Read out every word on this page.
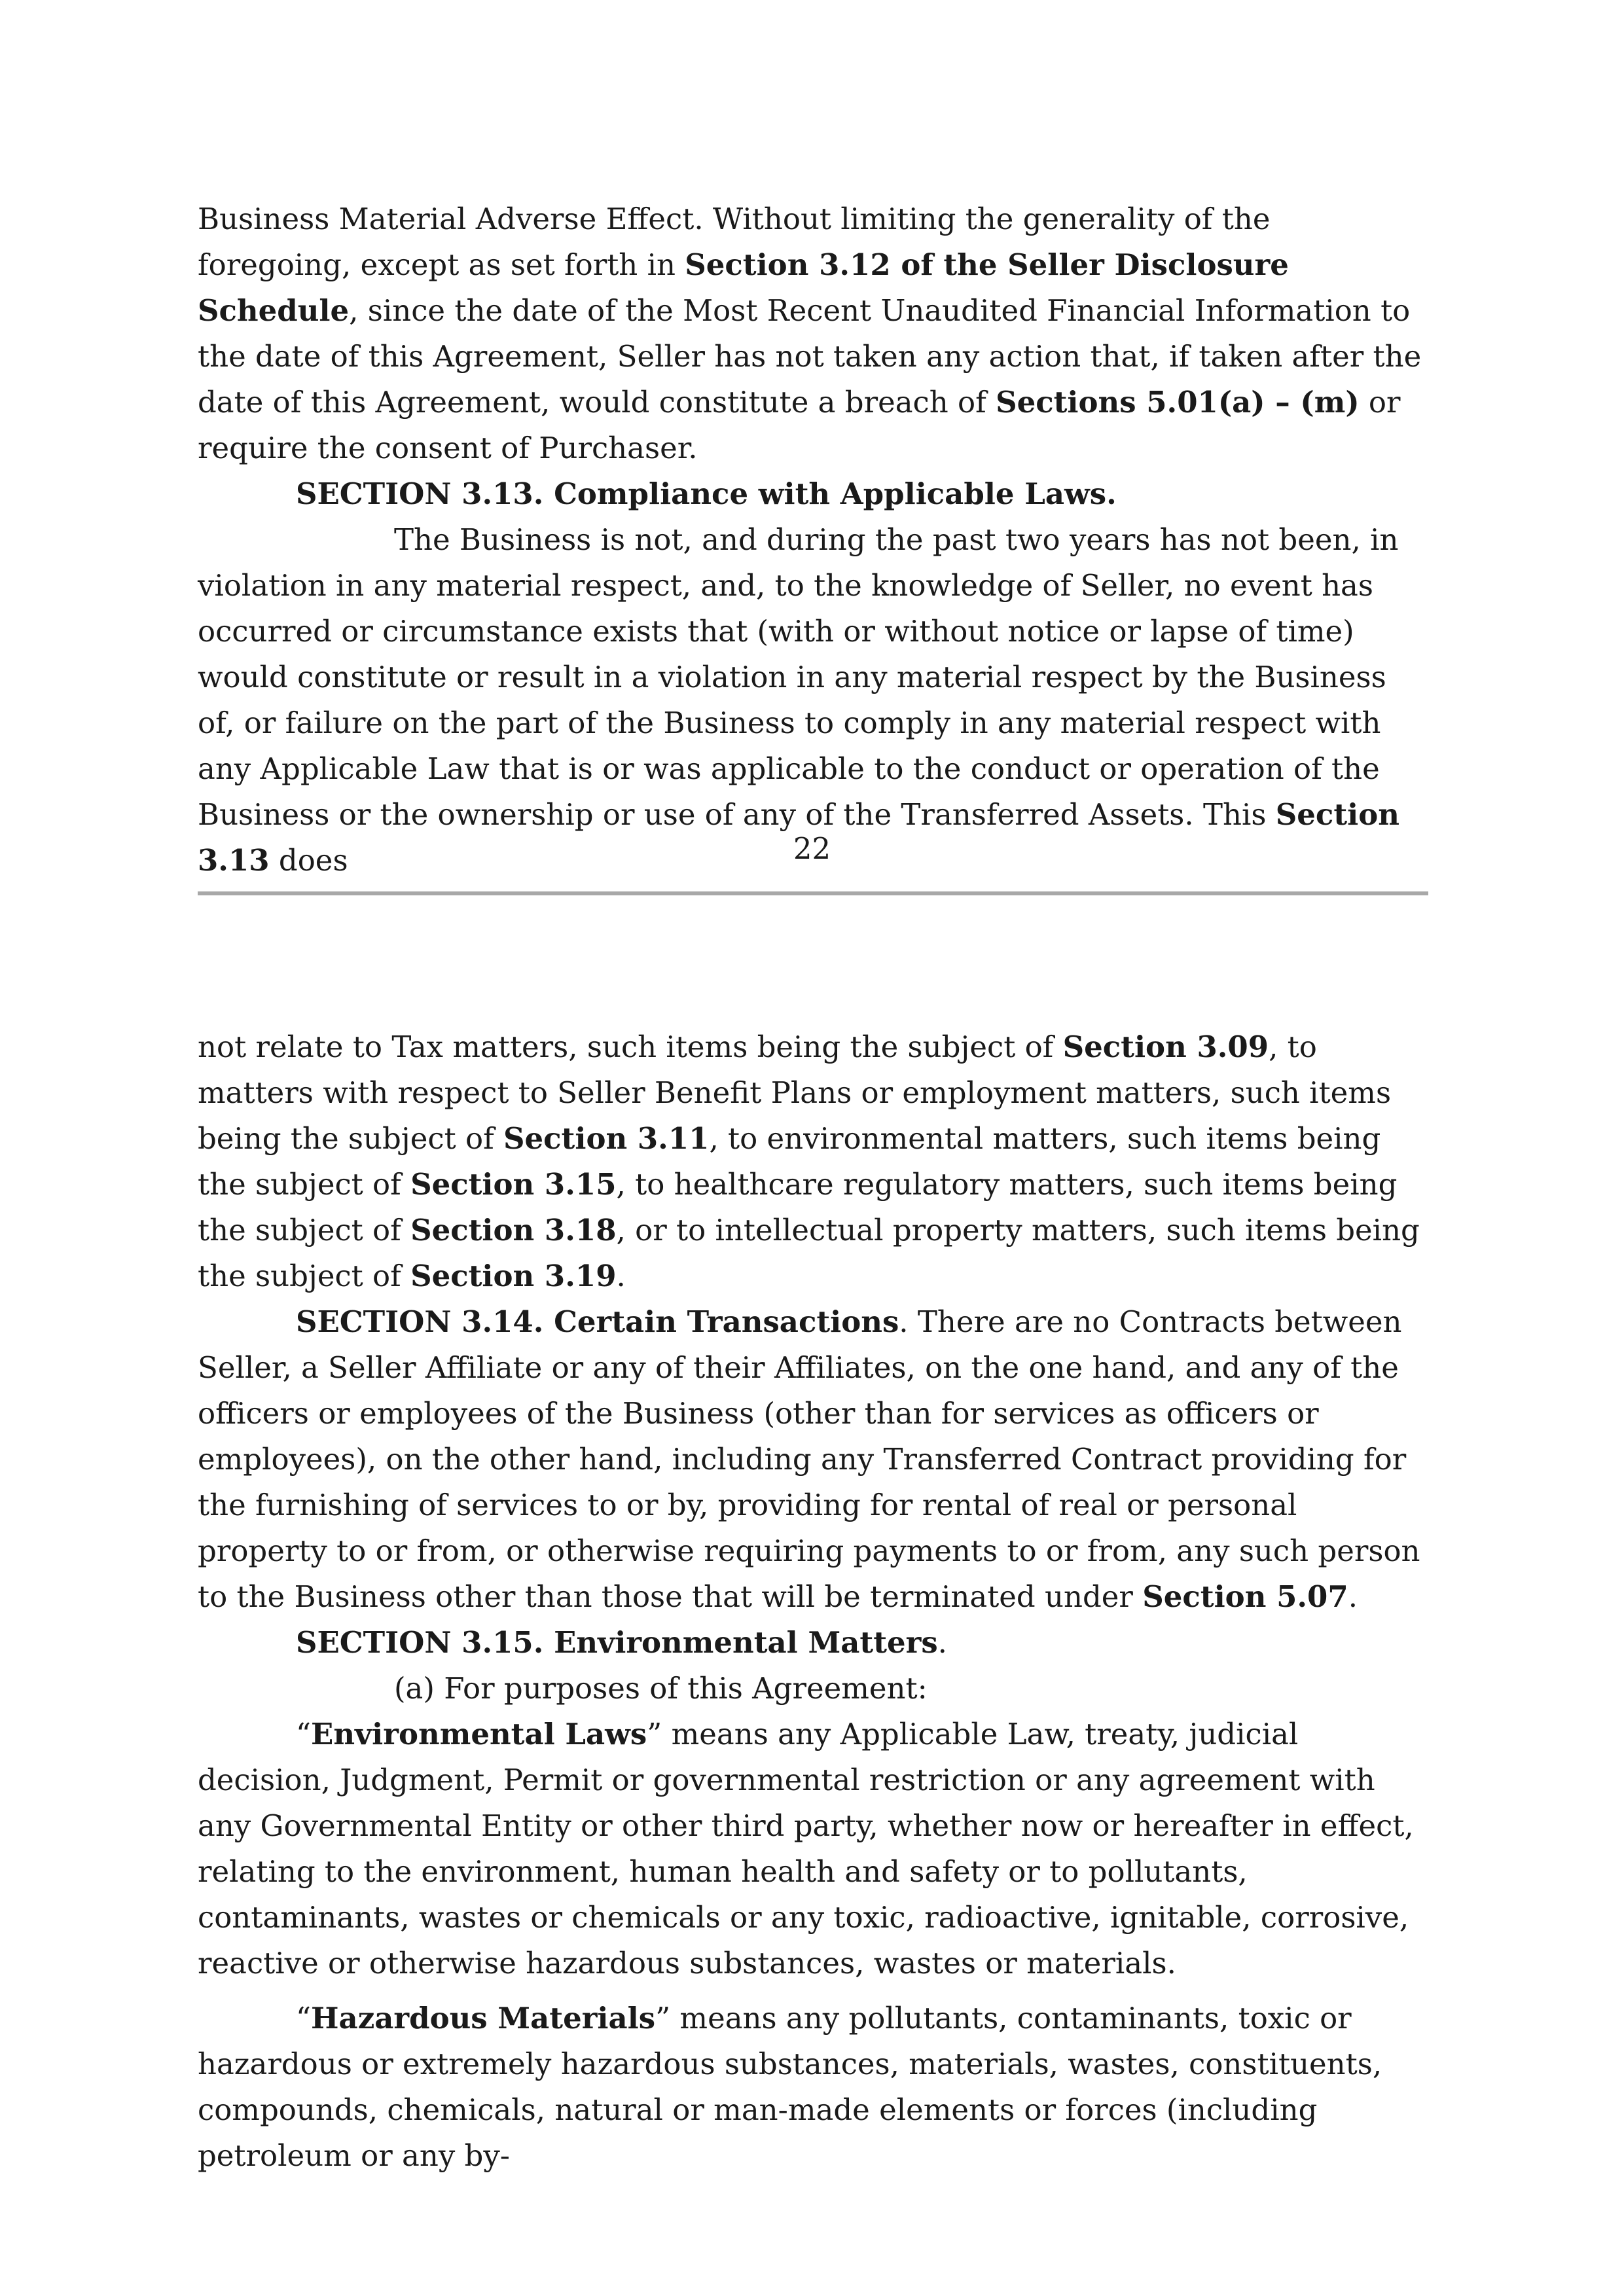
Business Material Adverse Effect. Without limiting the generality of the foregoing, except as set forth in Section 3.12 of the Seller Disclosure Schedule, since the date of the Most Recent Unaudited Financial Information to the date of this Agreement, Seller has not taken any action that, if taken after the date of this Agreement, would constitute a breach of Sections 5.01(a) – (m) or require the consent of Purchaser.

SECTION 3.13. Compliance with Applicable Laws.

The Business is not, and during the past two years has not been, in violation in any material respect, and, to the knowledge of Seller, no event has occurred or circumstance exists that (with or without notice or lapse of time) would constitute or result in a violation in any material respect by the Business of, or failure on the part of the Business to comply in any material respect with any Applicable Law that is or was applicable to the conduct or operation of the Business or the ownership or use of any of the Transferred Assets. This Section 3.13 does	22

not relate to Tax matters, such items being the subject of Section 3.09, to matters with respect to Seller Benefit Plans or employment matters, such items being the subject of Section 3.11, to environmental matters, such items being the subject of Section 3.15, to healthcare regulatory matters, such items being the subject of Section 3.18, or to intellectual property matters, such items being the subject of Section 3.19.

SECTION 3.14. Certain Transactions. There are no Contracts between Seller, a Seller Affiliate or any of their Affiliates, on the one hand, and any of the officers or employees of the Business (other than for services as officers or employees), on the other hand, including any Transferred Contract providing for the furnishing of services to or by, providing for rental of real or personal property to or from, or otherwise requiring payments to or from, any such person to the Business other than those that will be terminated under Section 5.07.

SECTION 3.15. Environmental Matters.

(a) For purposes of this Agreement:

“Environmental Laws” means any Applicable Law, treaty, judicial decision, Judgment, Permit or governmental restriction or any agreement with any Governmental Entity or other third party, whether now or hereafter in effect, relating to the environment, human health and safety or to pollutants, contaminants, wastes or chemicals or any toxic, radioactive, ignitable, corrosive, reactive or otherwise hazardous substances, wastes or materials.

“Hazardous Materials” means any pollutants, contaminants, toxic or hazardous or extremely hazardous substances, materials, wastes, constituents, compounds, chemicals, natural or man-made elements or forces (including petroleum or any by-
